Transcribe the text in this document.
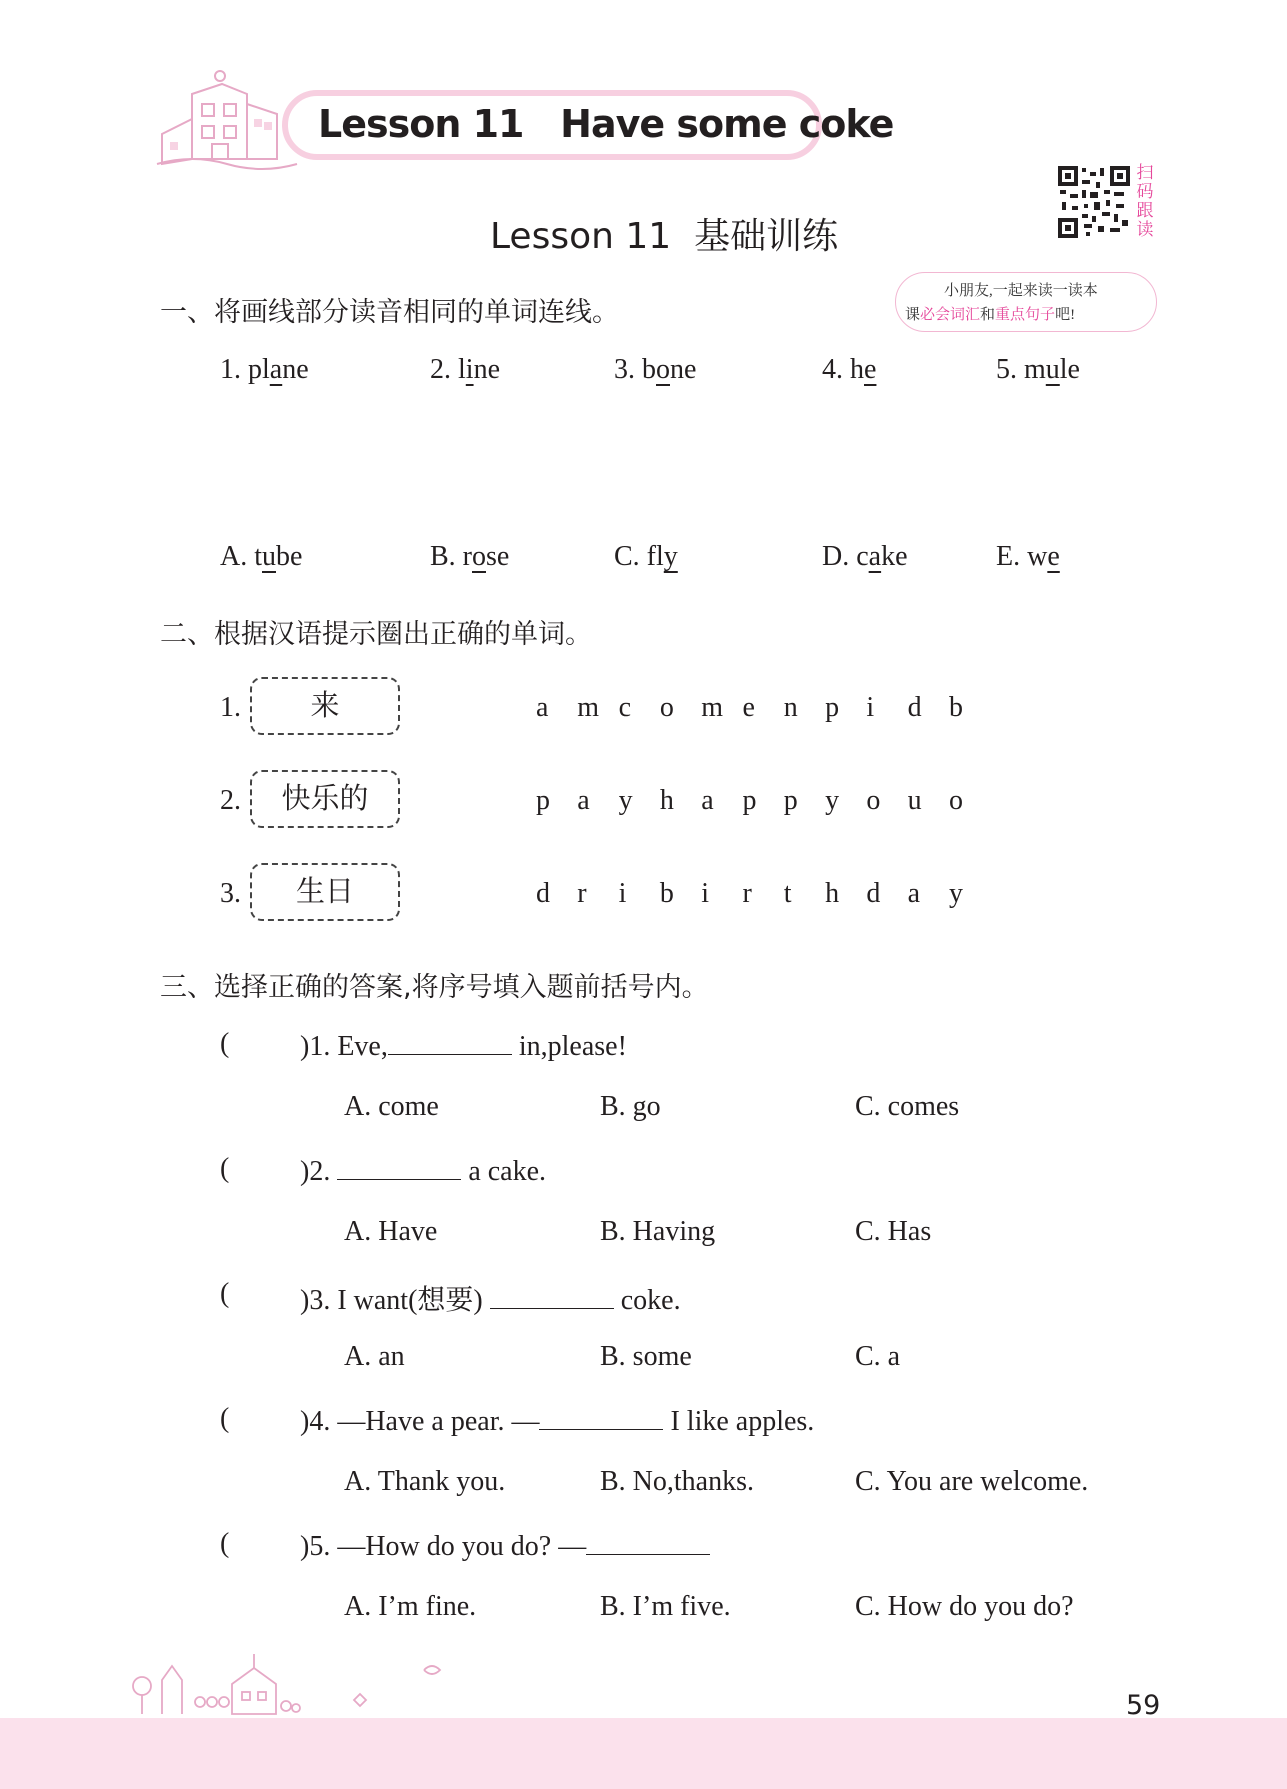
Lesson 11   Have some coke
Lesson 11  基础训练
扫码跟读
小朋友,一起来读一读本
课必会词汇和重点句子吧!
一、将画线部分读音相同的单词连线。
1. plane	2. line	3. bone	4. he	5. mule
A. tube	B. rose	C. fly	D. cake	E. we
二、根据汉语提示圈出正确的单词。
1.	来	a m c o m e n p i d b
2.	快乐的	p a y h a p p y o u o
3.	生日	d r i b i r t h d a y
三、选择正确的答案,将序号填入题前括号内。
(	)1. Eve,	in,please!
A. come	B. go	C. comes
(	)2.	a cake.
A. Have	B. Having	C. Has
(	)3. I want(想要)	coke.
A. an	B. some	C. a
(	)4. —Have a pear. —	I like apples.
A. Thank you.	B. No,thanks.	C. You are welcome.
(	)5. —How do you do? —
A. I’m fine.	B. I’m five.	C. How do you do?
59
